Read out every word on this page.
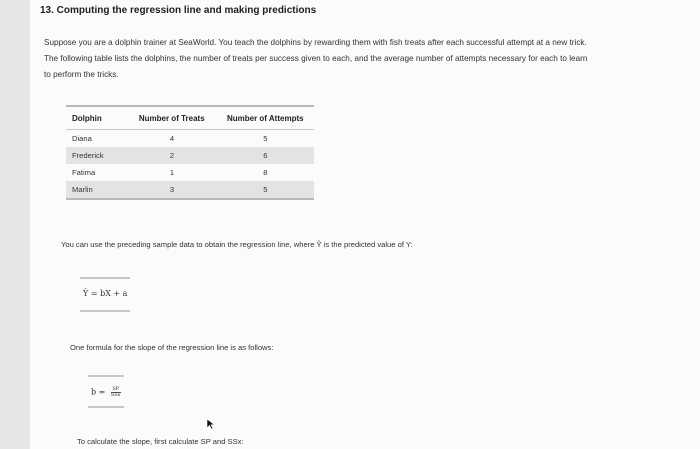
13. Computing the regression line and making predictions
Suppose you are a dolphin trainer at SeaWorld. You teach the dolphins by rewarding them with fish treats after each successful attempt at a new trick.
The following table lists the dolphins, the number of treats per success given to each, and the average number of attempts necessary for each to learn
to perform the tricks.
Dolphin	Number of Treats	Number of Attempts
Diana	4	5
Frederick	2	6
Fatima	1	8
Marlin	3	5
You can use the preceding sample data to obtain the regression line, where Ŷ is the predicted value of Y:
Ŷ = bX + a
One formula for the slope of the regression line is as follows:
$b = \frac{SP}{\text{SSx}}$
To calculate the slope, first calculate SP and SSx:
